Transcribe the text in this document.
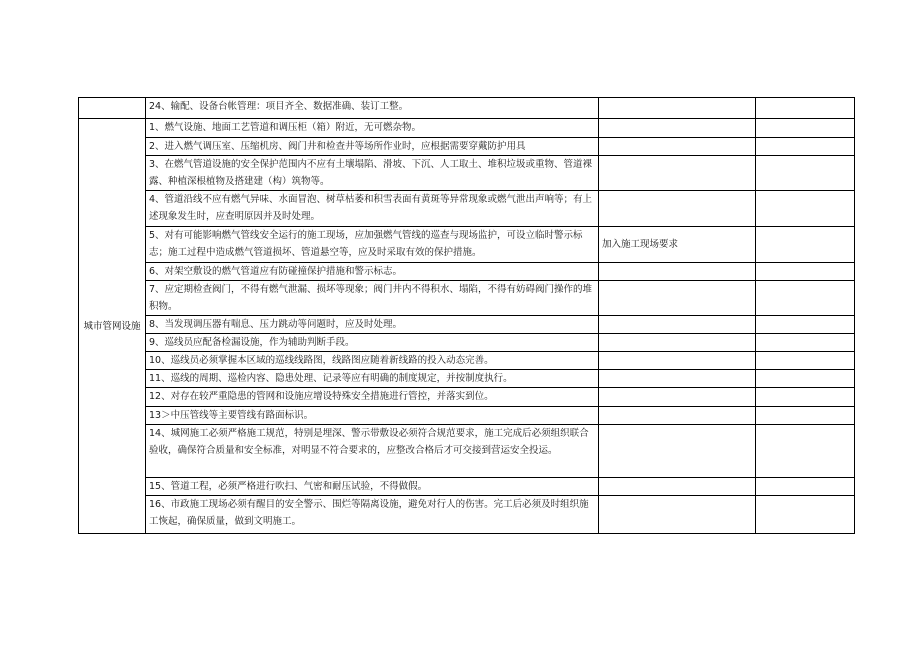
	24、输配、设备台帐管理：项目齐全、数据准确、装订工整。		
城市管网设施	1、燃气设施、地面工艺管道和调压柜（箱）附近，无可燃杂物。		
	2、进入燃气调压室、压缩机房、阀门井和检查井等场所作业时，应根据需要穿戴防护用具		
	3、在燃气管道设施的安全保护范围内不应有土壤塌陷、滑坡、下沉、人工取土、堆积垃圾或重物、管道裸露、种植深根植物及搭建建（构）筑物等。		
	4、管道沿线不应有燃气异味、水面冒泡、树草枯萎和积雪表面有黄斑等异常现象或燃气泄出声响等；有上述现象发生时，应查明原因并及时处理。		
	5、对有可能影响燃气管线安全运行的施工现场，应加强燃气管线的巡查与现场监护，可设立临时警示标志；施工过程中造成燃气管道损坏、管道悬空等，应及时采取有效的保护措施。	加入施工现场要求	
	6、对架空敷设的燃气管道应有防碰撞保护措施和警示标志。		
	7、应定期检查阀门，不得有燃气泄漏、损坏等现象；阀门井内不得积水、塌陷，不得有妨碍阀门操作的堆积物。		
	8、当发现调压器有喘息、压力跳动等问题时，应及时处理。		
	9、巡线员应配备检漏设施，作为辅助判断手段。		
	10、巡线员必须掌握本区域的巡线线路图，线路图应随着新线路的投入动态完善。		
	11、巡线的周期、巡检内容、隐患处理、记录等应有明确的制度规定，并按制度执行。		
	12、对存在较严重隐患的管网和设施应增设特殊安全措施进行管控，并落实到位。		
	13＞中压管线等主要管线有路面标识。		
	14、城网施工必须严格施工规范，特别是埋深、警示带敷设必须符合规范要求，施工完成后必须组织联合验收，确保符合质量和安全标准，对明显不符合要求的，应整改合格后才可交接到营运安全投运。		
	15、管道工程，必须严格进行吹扫、气密和耐压试验，不得做假。		
	16、市政施工现场必须有醒目的安全警示、围烂等隔离设施，避免对行人的伤害。完工后必须及时组织施工恢起，确保质量，做到文明施工。		
